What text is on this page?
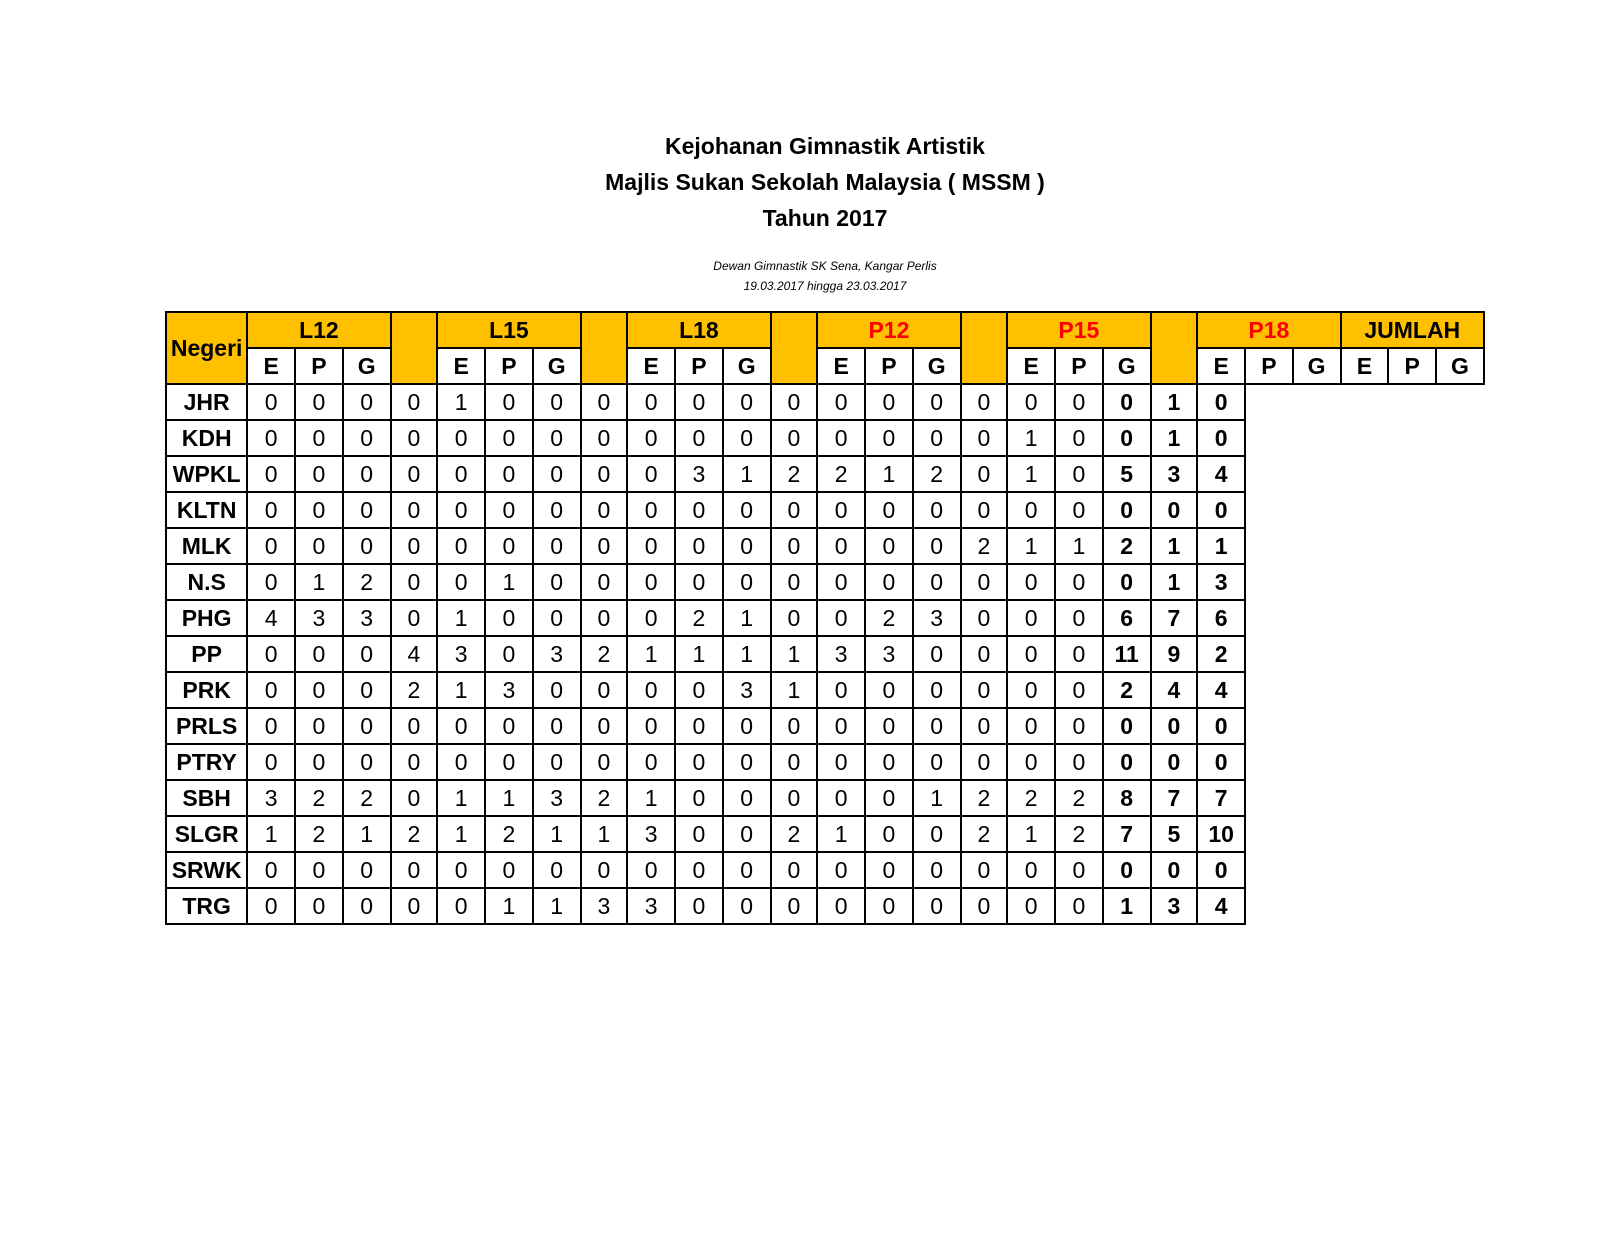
Kejohanan Gimnastik Artistik
Majlis Sukan Sekolah Malaysia ( MSSM )
Tahun 2017
Dewan Gimnastik SK Sena, Kangar Perlis
19.03.2017 hingga 23.03.2017
Negeri	L12				L15				L18				P12				P15				P18			JUMLAH		
	E	P	G		E	P	G		E	P	G		E	P	G		E	P	G		E	P	G	E	P	G
JHR	0	0	0	0	1	0	0	0	0	0	0	0	0	0	0	0	0	0	0	1	0					
KDH	0	0	0	0	0	0	0	0	0	0	0	0	0	0	0	0	1	0	0	1	0					
WPKL	0	0	0	0	0	0	0	0	0	3	1	2	2	1	2	0	1	0	5	3	4					
KLTN	0	0	0	0	0	0	0	0	0	0	0	0	0	0	0	0	0	0	0	0	0					
MLK	0	0	0	0	0	0	0	0	0	0	0	0	0	0	0	2	1	1	2	1	1					
N.S	0	1	2	0	0	1	0	0	0	0	0	0	0	0	0	0	0	0	0	1	3					
PHG	4	3	3	0	1	0	0	0	0	2	1	0	0	2	3	0	0	0	6	7	6					
PP	0	0	0	4	3	0	3	2	1	1	1	1	3	3	0	0	0	0	11	9	2					
PRK	0	0	0	2	1	3	0	0	0	0	3	1	0	0	0	0	0	0	2	4	4					
PRLS	0	0	0	0	0	0	0	0	0	0	0	0	0	0	0	0	0	0	0	0	0					
PTRY	0	0	0	0	0	0	0	0	0	0	0	0	0	0	0	0	0	0	0	0	0					
SBH	3	2	2	0	1	1	3	2	1	0	0	0	0	0	1	2	2	2	8	7	7					
SLGR	1	2	1	2	1	2	1	1	3	0	0	2	1	0	0	2	1	2	7	5	10					
SRWK	0	0	0	0	0	0	0	0	0	0	0	0	0	0	0	0	0	0	0	0	0					
TRG	0	0	0	0	0	1	1	3	3	0	0	0	0	0	0	0	0	0	1	3	4					
